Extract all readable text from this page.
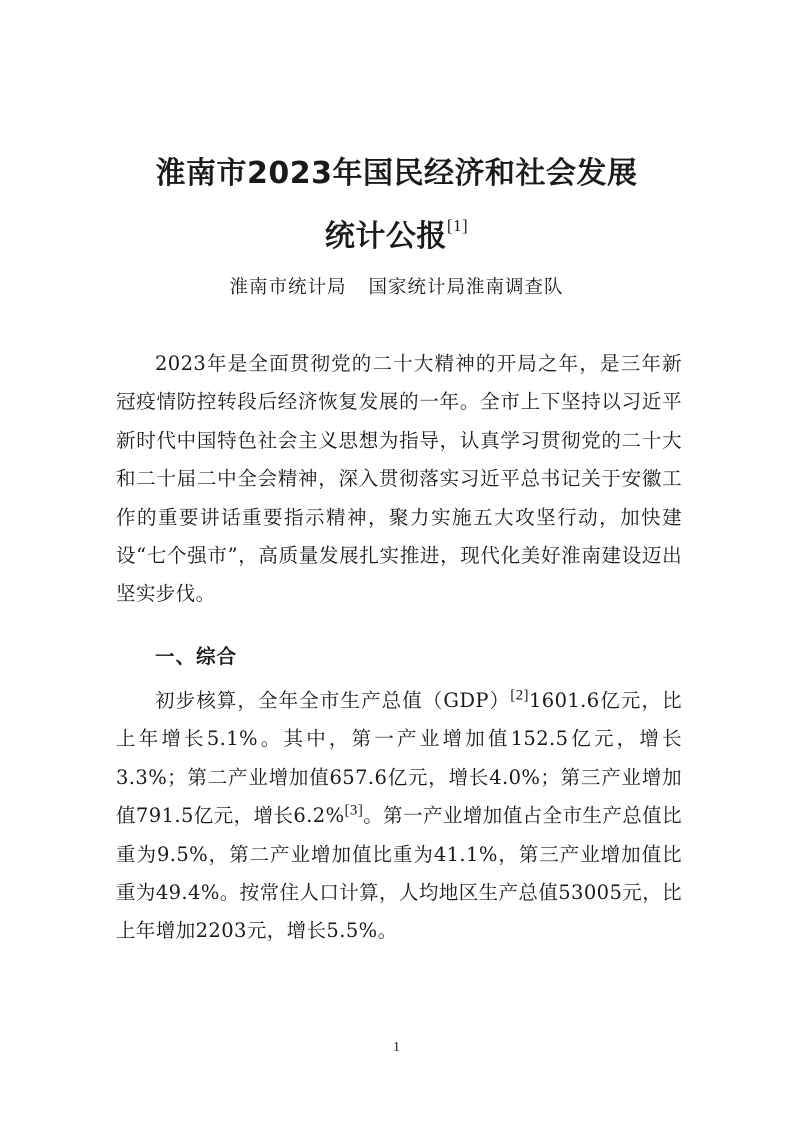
淮南市2023年国民经济和社会发展
统计公报[1]
淮南市统计局 国家统计局淮南调查队

2023年是全面贯彻党的二十大精神的开局之年，是三年新冠疫情防控转段后经济恢复发展的一年。全市上下坚持以习近平新时代中国特色社会主义思想为指导，认真学习贯彻党的二十大和二十届二中全会精神，深入贯彻落实习近平总书记关于安徽工作的重要讲话重要指示精神，聚力实施五大攻坚行动，加快建设“七个强市”，高质量发展扎实推进，现代化美好淮南建设迈出坚实步伐。

一、综合

初步核算，全年全市生产总值（GDP）[2]1601.6亿元，比上年增长5.1%。其中，第一产业增加值152.5亿元，增长3.3%；第二产业增加值657.6亿元，增长4.0%；第三产业增加值791.5亿元，增长6.2%[3]。第一产业增加值占全市生产总值比重为9.5%，第二产业增加值比重为41.1%，第三产业增加值比重为49.4%。按常住人口计算，人均地区生产总值53005元，比上年增加2203元，增长5.5%。

1
